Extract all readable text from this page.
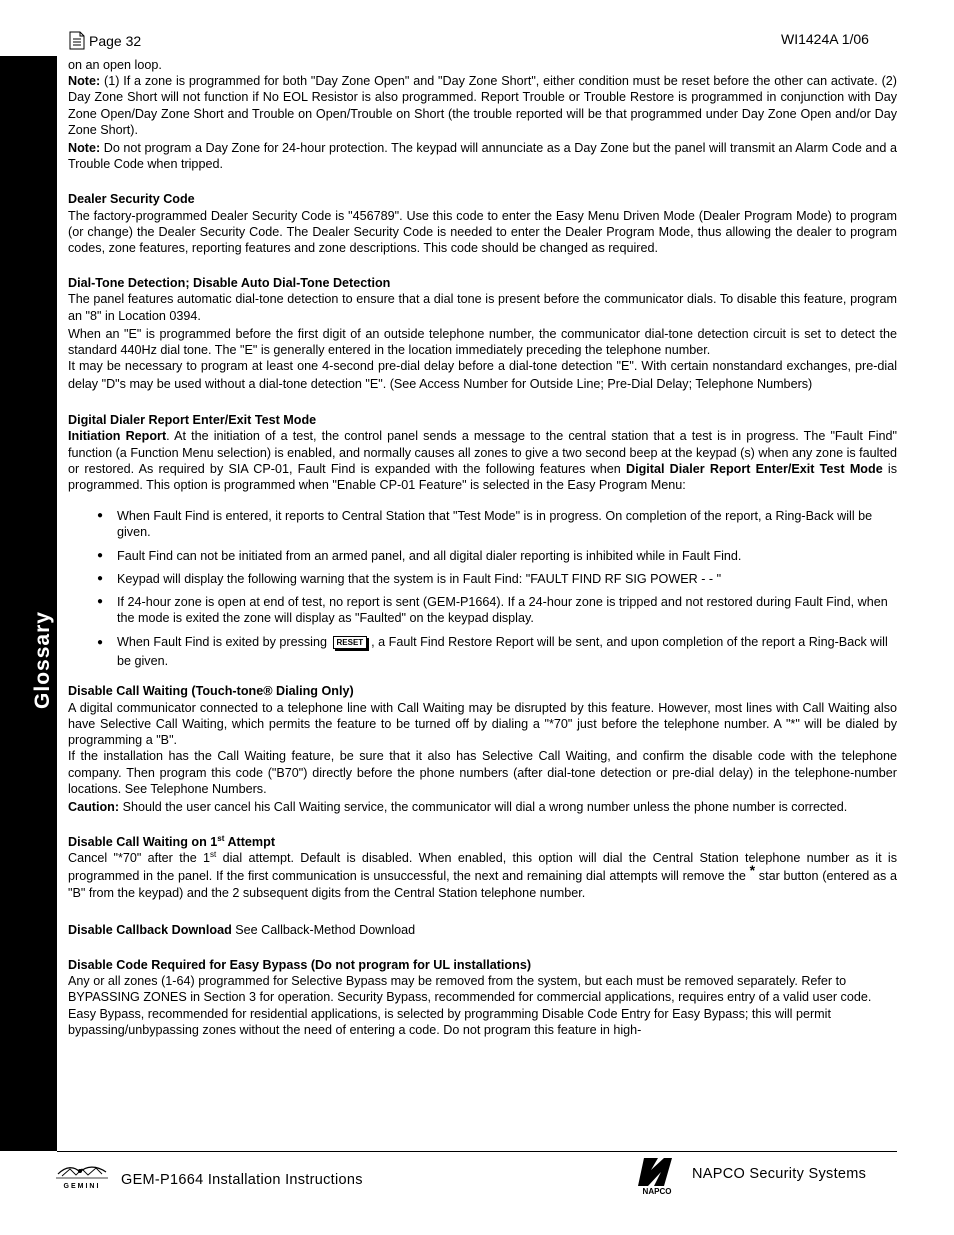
Page 32	WI1424A 1/06
Glossary

on an open loop.

Note: (1) If a zone is programmed for both "Day Zone Open" and "Day Zone Short", either condition must be reset before the other can activate. (2) Day Zone Short will not function if No EOL Resistor is also programmed. Report Trouble or Trouble Restore is programmed in conjunction with Day Zone Open/Day Zone Short and Trouble on Open/Trouble on Short (the trouble reported will be that programmed under Day Zone Open and/or Day Zone Short).

Note: Do not program a Day Zone for 24-hour protection. The keypad will annunciate as a Day Zone but the panel will transmit an Alarm Code and a Trouble Code when tripped.

Dealer Security Code

The factory-programmed Dealer Security Code is "456789". Use this code to enter the Easy Menu Driven Mode (Dealer Program Mode) to program (or change) the Dealer Security Code. The Dealer Security Code is needed to enter the Dealer Program Mode, thus allowing the dealer to program codes, zone features, reporting features and zone descriptions. This code should be changed as required.

Dial-Tone Detection; Disable Auto Dial-Tone Detection

The panel features automatic dial-tone detection to ensure that a dial tone is present before the communicator dials. To disable this feature, program an "8" in Location 0394.

When an "E" is programmed before the first digit of an outside telephone number, the communicator dial-tone detection circuit is set to detect the standard 440Hz dial tone. The "E" is generally entered in the location immediately preceding the telephone number.

It may be necessary to program at least one 4-second pre-dial delay before a dial-tone detection "E". With certain nonstandard exchanges, pre-dial delay "D"s may be used without a dial-tone detection "E". (See Access Number for Outside Line; Pre-Dial Delay; Telephone Numbers)

Digital Dialer Report Enter/Exit Test Mode

Initiation Report. At the initiation of a test, the control panel sends a message to the central station that a test is in progress. The "Fault Find" function (a Function Menu selection) is enabled, and normally causes all zones to give a two second beep at the keypad (s) when any zone is faulted or restored. As required by SIA CP-01, Fault Find is expanded with the following features when Digital Dialer Report Enter/Exit Test Mode is programmed. This option is programmed when "Enable CP-01 Feature" is selected in the Easy Program Menu:

● When Fault Find is entered, it reports to Central Station that "Test Mode" is in progress. On completion of the report, a Ring-Back will be given.
● Fault Find can not be initiated from an armed panel, and all digital dialer reporting is inhibited while in Fault Find.
● Keypad will display the following warning that the system is in Fault Find: "FAULT FIND RF SIG POWER - - "
● If 24-hour zone is open at end of test, no report is sent (GEM-P1664). If a 24-hour zone is tripped and not restored during Fault Find, when the mode is exited the zone will display as "Faulted" on the keypad display.
● When Fault Find is exited by pressing RESET , a Fault Find Restore Report will be sent, and upon completion of the report a Ring-Back will be given.

Disable Call Waiting (Touch-tone® Dialing Only)

A digital communicator connected to a telephone line with Call Waiting may be disrupted by this feature. However, most lines with Call Waiting also have Selective Call Waiting, which permits the feature to be turned off by dialing a "*70" just before the telephone number. A "*" will be dialed by programming a "B".

If the installation has the Call Waiting feature, be sure that it also has Selective Call Waiting, and confirm the disable code with the telephone company. Then program this code ("B70") directly before the phone numbers (after dial-tone detection or pre-dial delay) in the telephone-number locations. See Telephone Numbers.

Caution: Should the user cancel his Call Waiting service, the communicator will dial a wrong number unless the phone number is corrected.

Disable Call Waiting on 1st Attempt

Cancel "*70" after the 1st dial attempt. Default is disabled. When enabled, this option will dial the Central Station telephone number as it is programmed in the panel. If the first communication is unsuccessful, the next and remaining dial attempts will remove the * star button (entered as a "B" from the keypad) and the 2 subsequent digits from the Central Station telephone number.

Disable Callback Download See Callback-Method Download

Disable Code Required for Easy Bypass (Do not program for UL installations)

Any or all zones (1-64) programmed for Selective Bypass may be removed from the system, but each must be removed separately. Refer to BYPASSING ZONES in Section 3 for operation. Security Bypass, recommended for commercial applications, requires entry of a valid user code. Easy Bypass, recommended for residential applications, is selected by programming Disable Code Entry for Easy Bypass; this will permit bypassing/unbypassing zones without the need of entering a code. Do not program this feature in high-

GEMINI GEM-P1664 Installation Instructions
NAPCO
NAPCO Security Systems
